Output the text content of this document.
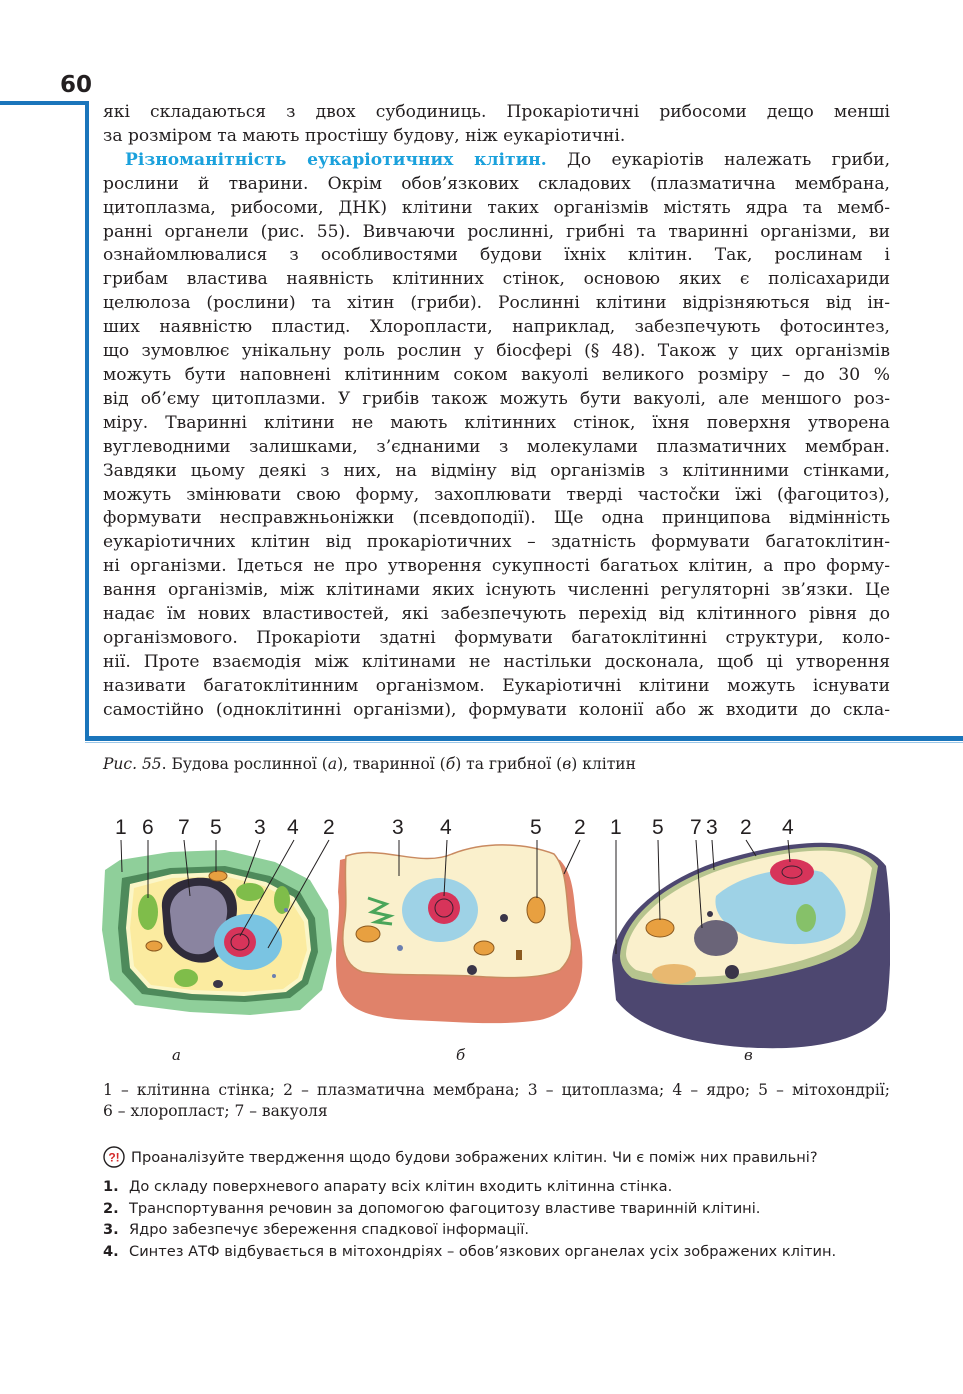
60
які складаються з двох субодиниць. Прокаріотичні рибосоми дещо менші
за розміром та мають простішу будову, ніж еукаріотичні.
Різноманітність еукаріотичних клітин. До еукаріотів належать гриби,
рослини й тварини. Окрім обов’язкових складових (плазматична мембрана,
цитоплазма, рибосоми, ДНК) клітини таких організмів містять ядра та мемб-
ранні органели (рис. 55). Вивчаючи рослинні, грибні та тваринні організми, ви
ознайомлювалися з особливостями будови їхніх клітин. Так, рослинам і
грибам властива наявність клітинних стінок, основою яких є полісахариди
целюлоза (рослини) та хітин (гриби). Рослинні клітини відрізняються від ін-
ших наявністю пластид. Хлоропласти, наприклад, забезпечують фотосинтез,
що зумовлює унікальну роль рослин у біосфері (§ 48). Також у цих організмів
можуть бути наповнені клітинним соком вакуолі великого розміру – до 30 %
від об’єму цитоплазми. У грибів також можуть бути вакуолі, але меншого роз-
міру. Тваринні клітини не мають клітинних стінок, їхня поверхня утворена
вуглеводними залишками, з’єднаними з молекулами плазматичних мембран.
Завдяки цьому деякі з них, на відміну від організмів з клітинними стінками,
можуть змінювати свою форму, захоплювати тверді частočки їжі (фагоцитоз),
формувати несправжньоніжки (псевдоподії). Ще одна принципова відмінність
еукаріотичних клітин від прокаріотичних – здатність формувати багатоклітин-
ні організми. Ідеться не про утворення сукупності багатьох клітин, а про форму-
вання організмів, між клітинами яких існують численні регуляторні зв’язки. Це
надає їм нових властивостей, які забезпечують перехід від клітинного рівня до
організмового. Прокаріоти здатні формувати багатоклітинні структури, коло-
нії. Проте взаємодія між клітинами не настільки досконала, щоб ці утворення
називати багатоклітинним організмом. Еукаріотичні клітини можуть існувати
самостійно (одноклітинні організми), формувати колонії або ж входити до скла-
Рис. 55. Будова рослинної (а), тваринної (б) та грибної (в) клітин
1 6 7 5 3 4 2	3 4	5 2 1 5 7 3 2 4
а	б	в
1 – клітинна стінка; 2 – плазматична мембрана; 3 – цитоплазма; 4 – ядро; 5 – мітохондрії;
6 – хлоропласт; 7 – вакуоля
?! Проаналізуйте твердження щодо будови зображених клітин. Чи є поміж них правильні?
1. До складу поверхневого апарату всіх клітин входить клітинна стінка.
2. Транспортування речовин за допомогою фагоцитозу властиве тваринній клітині.
3. Ядро забезпечує збереження спадкової інформації.
4. Синтез АТФ відбувається в мітохондріях – обов’язкових органелах усіх зображених клітин.
